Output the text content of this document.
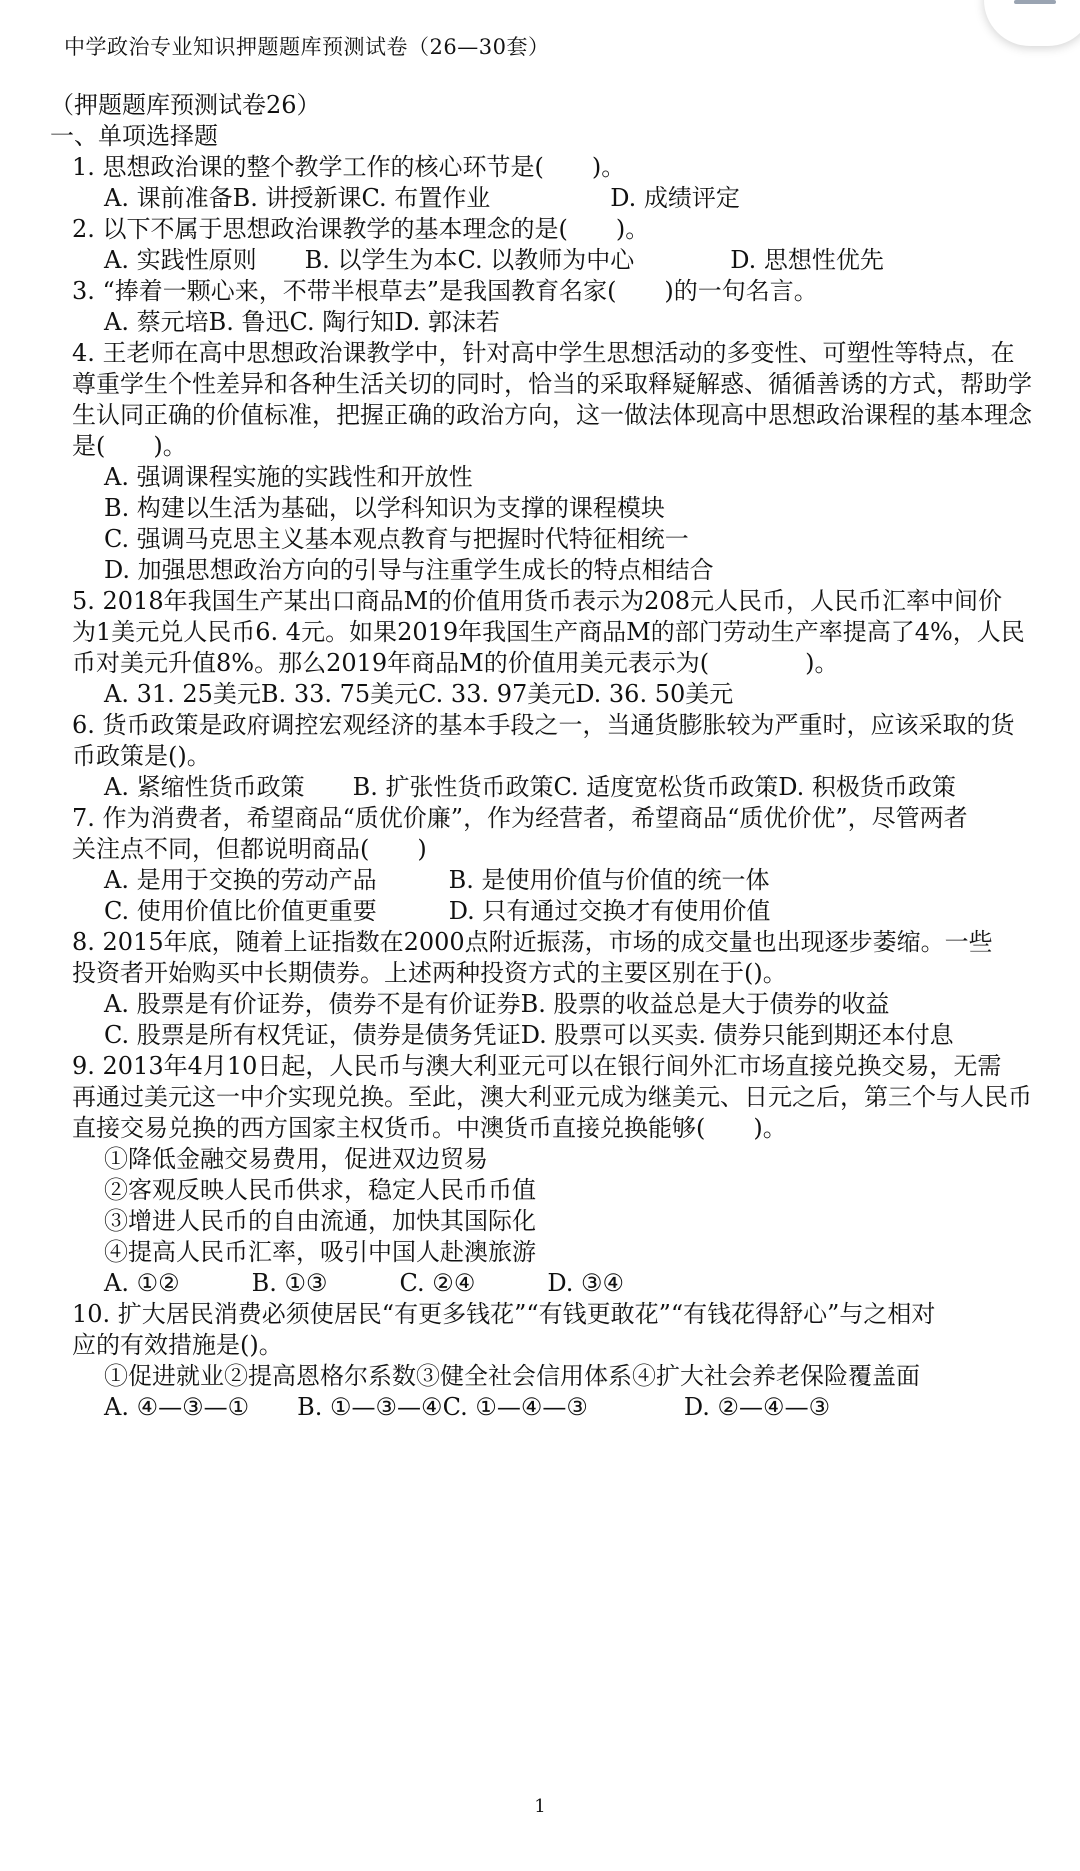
中学政治专业知识押题题库预测试卷（26—30套）
（押题题库预测试卷26）
一、单项选择题
1. 思想政治课的整个教学工作的核心环节是(　　)。
A. 课前准备B. 讲授新课C. 布置作业　　　　　D. 成绩评定
2. 以下不属于思想政治课教学的基本理念的是(　　)。
A. 实践性原则　　B. 以学生为本C. 以教师为中心　　　　D. 思想性优先
3. “捧着一颗心来，不带半根草去”是我国教育名家(　　)的一句名言。
A. 蔡元培B. 鲁迅C. 陶行知D. 郭沫若
4. 王老师在高中思想政治课教学中，针对高中学生思想活动的多变性、可塑性等特点，在
尊重学生个性差异和各种生活关切的同时，恰当的采取释疑解惑、循循善诱的方式，帮助学
生认同正确的价值标准，把握正确的政治方向，这一做法体现高中思想政治课程的基本理念
是(　　)。
A. 强调课程实施的实践性和开放性
B. 构建以生活为基础，以学科知识为支撑的课程模块
C. 强调马克思主义基本观点教育与把握时代特征相统一
D. 加强思想政治方向的引导与注重学生成长的特点相结合
5. 2018年我国生产某出口商品M的价值用货币表示为208元人民币，人民币汇率中间价
为1美元兑人民币6. 4元。如果2019年我国生产商品M的部门劳动生产率提高了4%，人民
币对美元升值8%。那么2019年商品M的价值用美元表示为(　　　　)。
A. 31. 25美元B. 33. 75美元C. 33. 97美元D. 36. 50美元
6. 货币政策是政府调控宏观经济的基本手段之一，当通货膨胀较为严重时，应该采取的货
币政策是()。
A. 紧缩性货币政策　　B. 扩张性货币政策C. 适度宽松货币政策D. 积极货币政策
7. 作为消费者，希望商品“质优价廉”，作为经营者，希望商品“质优价优”，尽管两者
关注点不同，但都说明商品(　　)
A. 是用于交换的劳动产品　　　B. 是使用价值与价值的统一体
C. 使用价值比价值更重要　　　D. 只有通过交换才有使用价值
8. 2015年底，随着上证指数在2000点附近振荡，市场的成交量也出现逐步萎缩。一些
投资者开始购买中长期债券。上述两种投资方式的主要区别在于()。
A. 股票是有价证券，债券不是有价证券B. 股票的收益总是大于债券的收益
C. 股票是所有权凭证，债券是债务凭证D. 股票可以买卖. 债券只能到期还本付息
9. 2013年4月10日起，人民币与澳大利亚元可以在银行间外汇市场直接兑换交易，无需
再通过美元这一中介实现兑换。至此，澳大利亚元成为继美元、日元之后，第三个与人民币
直接交易兑换的西方国家主权货币。中澳货币直接兑换能够(　　)。
①降低金融交易费用，促进双边贸易
②客观反映人民币供求，稳定人民币币值
③增进人民币的自由流通，加快其国际化
④提高人民币汇率，吸引中国人赴澳旅游
A. ①②　　　B. ①③　　　C. ②④　　　D. ③④
10. 扩大居民消费必须使居民“有更多钱花”“有钱更敢花”“有钱花得舒心”与之相对
应的有效措施是()。
①促进就业②提高恩格尔系数③健全社会信用体系④扩大社会养老保险覆盖面
A. ④—③—①　　B. ①—③—④C. ①—④—③　　　　D. ②—④—③
1
